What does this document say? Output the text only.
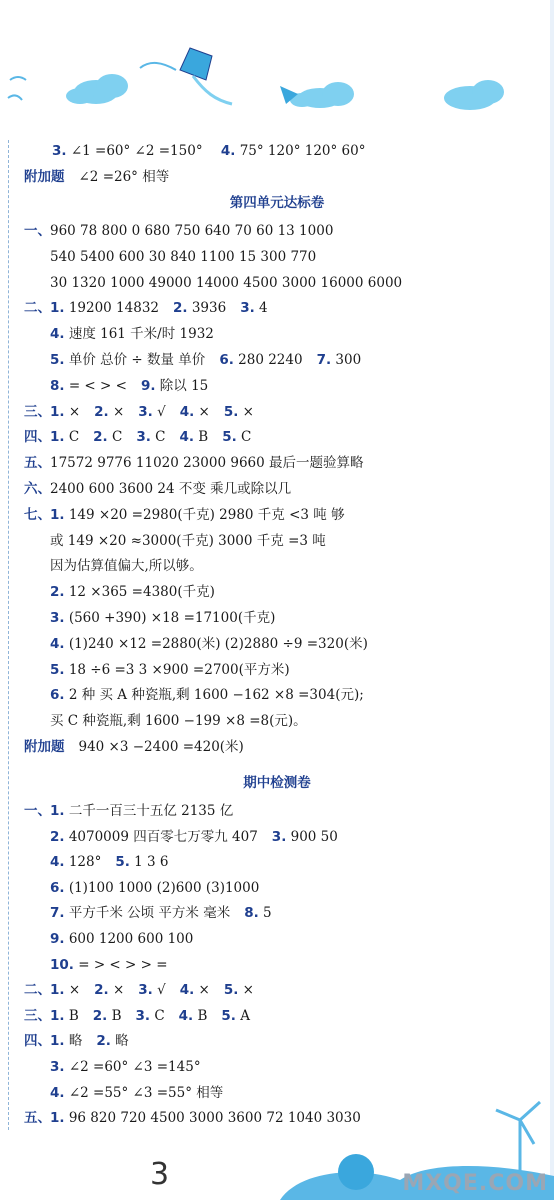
3. ∠1 =60° ∠2 =150° 4. 75° 120° 120° 60°
附加题 ∠2 =26° 相等
第四单元达标卷
一、960 78 800 0 680 750 640 70 60 13 1000
540 5400 600 30 840 1100 15 300 770
30 1320 1000 49000 14000 4500 3000 16000 6000
二、1. 19200 14832 2. 3936 3. 4
4. 速度 161 千米/时 1932
5. 单价 总价 ÷ 数量 单价 6. 280 2240 7. 300
8. = < > < 9. 除以 15
三、1. × 2. × 3. √ 4. × 5. ×
四、1. C 2. C 3. C 4. B 5. C
五、17572 9776 11020 23000 9660 最后一题验算略
六、2400 600 3600 24 不变 乘几或除以几
七、1. 149 ×20 =2980(千克) 2980 千克 <3 吨 够
或 149 ×20 ≈3000(千克) 3000 千克 =3 吨
因为估算值偏大,所以够。
2. 12 ×365 =4380(千克)
3. (560 +390) ×18 =17100(千克)
4. (1)240 ×12 =2880(米) (2)2880 ÷9 =320(米)
5. 18 ÷6 =3 3 ×900 =2700(平方米)
6. 2 种 买 A 种瓷瓶,剩 1600 −162 ×8 =304(元);
买 C 种瓷瓶,剩 1600 −199 ×8 =8(元)。
附加题 940 ×3 −2400 =420(米)
期中检测卷
一、1. 二千一百三十五亿 2135 亿
2. 4070009 四百零七万零九 407 3. 900 50
4. 128° 5. 1 3 6
6. (1)100 1000 (2)600 (3)1000
7. 平方千米 公顷 平方米 毫米 8. 5
9. 600 1200 600 100
10. = > < > > =
二、1. × 2. × 3. √ 4. × 5. ×
三、1. B 2. B 3. C 4. B 5. A
四、1. 略 2. 略
3. ∠2 =60° ∠3 =145°
4. ∠2 =55° ∠3 =55° 相等
五、1. 96 820 720 4500 3000 3600 72 1040 3030
3	MXQE.COM
